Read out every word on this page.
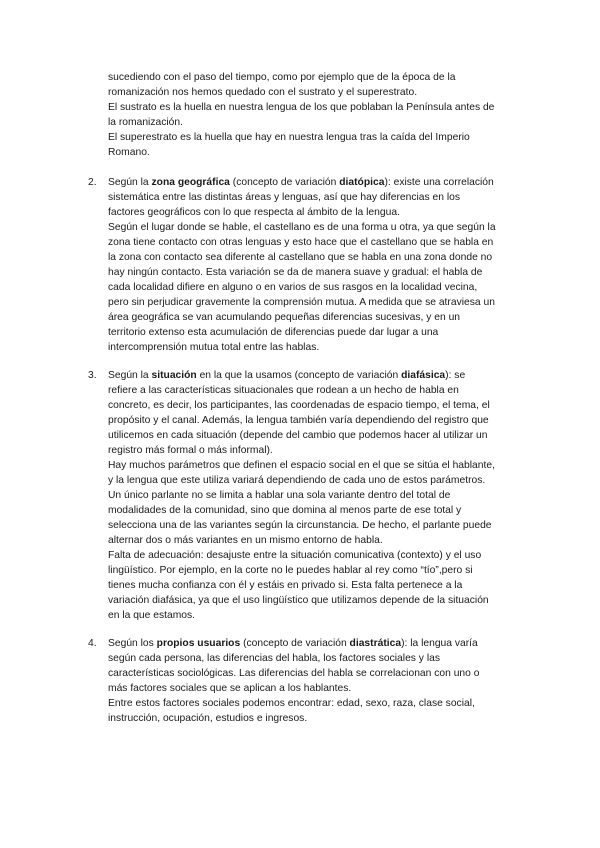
sucediendo con el paso del tiempo, como por ejemplo que de la época de la
romanización nos hemos quedado con el sustrato y el superestrato.
El sustrato es la huella en nuestra lengua de los que poblaban la Península antes de
la romanización.
El superestrato es la huella que hay en nuestra lengua tras la caída del Imperio
Romano.
2. Según la zona geográfica (concepto de variación diatópica): existe una correlación
sistemática entre las distintas áreas y lenguas, así que hay diferencias en los
factores geográficos con lo que respecta al ámbito de la lengua.
Según el lugar donde se hable, el castellano es de una forma u otra, ya que según la
zona tiene contacto con otras lenguas y esto hace que el castellano que se habla en
la zona con contacto sea diferente al castellano que se habla en una zona donde no
hay ningún contacto. Esta variación se da de manera suave y gradual: el habla de
cada localidad difiere en alguno o en varios de sus rasgos en la localidad vecina,
pero sin perjudicar gravemente la comprensión mutua. A medida que se atraviesa un
área geográfica se van acumulando pequeñas diferencias sucesivas, y en un
territorio extenso esta acumulación de diferencias puede dar lugar a una
intercomprensión mutua total entre las hablas.
3. Según la situación en la que la usamos (concepto de variación diafásica): se
refiere a las características situacionales que rodean a un hecho de habla en
concreto, es decir, los participantes, las coordenadas de espacio tiempo, el tema, el
propósito y el canal. Además, la lengua también varía dependiendo del registro que
utilicemos en cada situación (depende del cambio que podemos hacer al utilizar un
registro más formal o más informal).
Hay muchos parámetros que definen el espacio social en el que se sitúa el hablante,
y la lengua que este utiliza variará dependiendo de cada uno de estos parámetros.
Un único parlante no se limita a hablar una sola variante dentro del total de
modalidades de la comunidad, sino que domina al menos parte de ese total y
selecciona una de las variantes según la circunstancia. De hecho, el parlante puede
alternar dos o más variantes en un mismo entorno de habla.
Falta de adecuación: desajuste entre la situación comunicativa (contexto) y el uso
lingüístico. Por ejemplo, en la corte no le puedes hablar al rey como “tío”,pero si
tienes mucha confianza con él y estáis en privado si. Esta falta pertenece a la
variación diafásica, ya que el uso lingüístico que utilizamos depende de la situación
en la que estamos.
4. Según los propios usuarios (concepto de variación diastrática): la lengua varía
según cada persona, las diferencias del habla, los factores sociales y las
características sociológicas. Las diferencias del habla se correlacionan con uno o
más factores sociales que se aplican a los hablantes.
Entre estos factores sociales podemos encontrar: edad, sexo, raza, clase social,
instrucción, ocupación, estudios e ingresos.
